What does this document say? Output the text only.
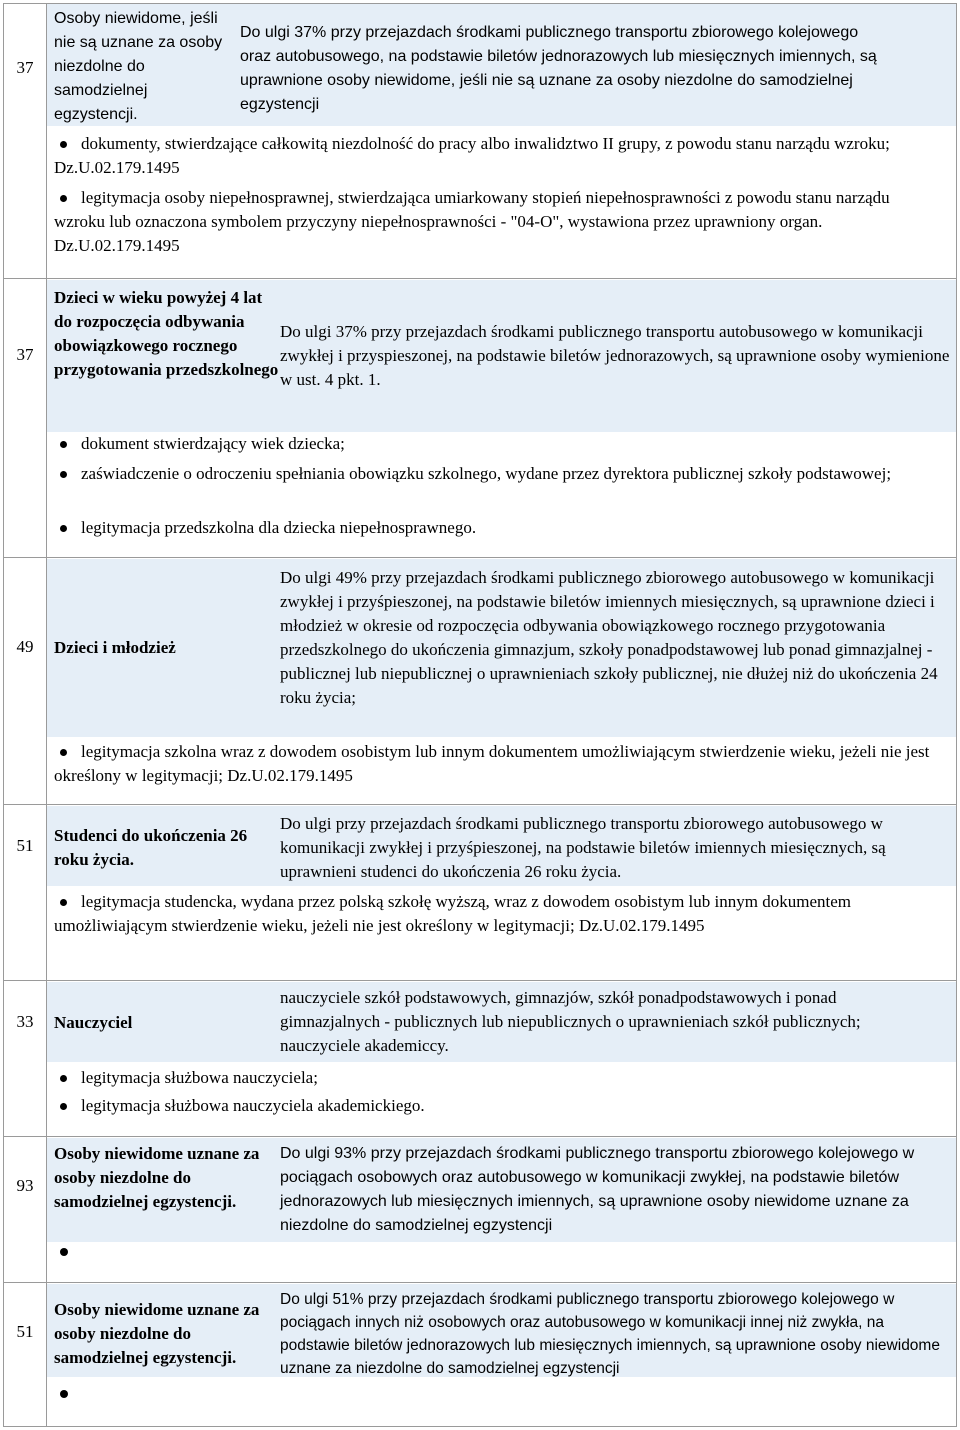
37
Osoby niewidome, jeśli nie są uznane za osoby niezdolne do samodzielnej egzystencji.
Do ulgi 37% przy przejazdach środkami publicznego transportu zbiorowego kolejowego oraz autobusowego, na podstawie biletów jednorazowych lub miesięcznych imiennych, są uprawnione osoby niewidome, jeśli nie są uznane za osoby niezdolne do samodzielnej egzystencji
dokumenty, stwierdzające całkowitą niezdolność do pracy albo inwalidztwo II grupy, z powodu stanu narządu wzroku; Dz.U.02.179.1495
legitymacja osoby niepełnosprawnej, stwierdzająca umiarkowany stopień niepełnosprawności z powodu stanu narządu wzroku lub oznaczona symbolem przyczyny niepełnosprawności - "04-O", wystawiona przez uprawniony organ. Dz.U.02.179.1495
37
Dzieci w wieku powyżej 4 lat do rozpoczęcia odbywania obowiązkowego rocznego przygotowania przedszkolnego
Do ulgi 37% przy przejazdach środkami publicznego transportu autobusowego w komunikacji zwykłej i przyspieszonej, na podstawie biletów jednorazowych, są uprawnione osoby wymienione w ust. 4 pkt. 1.
dokument stwierdzający wiek dziecka;
zaświadczenie o odroczeniu spełniania obowiązku szkolnego, wydane przez dyrektora publicznej szkoły podstawowej;
legitymacja przedszkolna dla dziecka niepełnosprawnego.
49	Dzieci i młodzież
Do ulgi 49% przy przejazdach środkami publicznego zbiorowego autobusowego w komunikacji zwykłej i przyśpieszonej, na podstawie biletów imiennych miesięcznych, są uprawnione dzieci i młodzież w okresie od rozpoczęcia odbywania obowiązkowego rocznego przygotowania przedszkolnego do ukończenia gimnazjum, szkoły ponadpodstawowej lub ponad gimnazjalnej - publicznej lub niepublicznej o uprawnieniach szkoły publicznej, nie dłużej niż do ukończenia 24 roku życia;
legitymacja szkolna wraz z dowodem osobistym lub innym dokumentem umożliwiającym stwierdzenie wieku, jeżeli nie jest określony w legitymacji; Dz.U.02.179.1495
51
Studenci do ukończenia 26 roku życia.
Do ulgi przy przejazdach środkami publicznego transportu zbiorowego autobusowego w komunikacji zwykłej i przyśpieszonej, na podstawie biletów imiennych miesięcznych, są uprawnieni studenci do ukończenia 26 roku życia.
legitymacja studencka, wydana przez polską szkołę wyższą, wraz z dowodem osobistym lub innym dokumentem umożliwiającym stwierdzenie wieku, jeżeli nie jest określony w legitymacji; Dz.U.02.179.1495
33	Nauczyciel
nauczyciele szkół podstawowych, gimnazjów, szkół ponadpodstawowych i ponad gimnazjalnych - publicznych lub niepublicznych o uprawnieniach szkół publicznych; nauczyciele akademiccy.
legitymacja służbowa nauczyciela;
legitymacja służbowa nauczyciela akademickiego.
93
Osoby niewidome uznane za osoby niezdolne do samodzielnej egzystencji.
Do ulgi 93% przy przejazdach środkami publicznego transportu zbiorowego kolejowego w pociągach osobowych oraz autobusowego w komunikacji zwykłej, na podstawie biletów jednorazowych lub miesięcznych imiennych, są uprawnione osoby niewidome uznane za niezdolne do samodzielnej egzystencji
51
Osoby niewidome uznane za osoby niezdolne do samodzielnej egzystencji.
Do ulgi 51% przy przejazdach środkami publicznego transportu zbiorowego kolejowego w pociągach innych niż osobowych oraz autobusowego w komunikacji innej niż zwykła, na podstawie biletów jednorazowych lub miesięcznych imiennych, są uprawnione osoby niewidome uznane za niezdolne do samodzielnej egzystencji
